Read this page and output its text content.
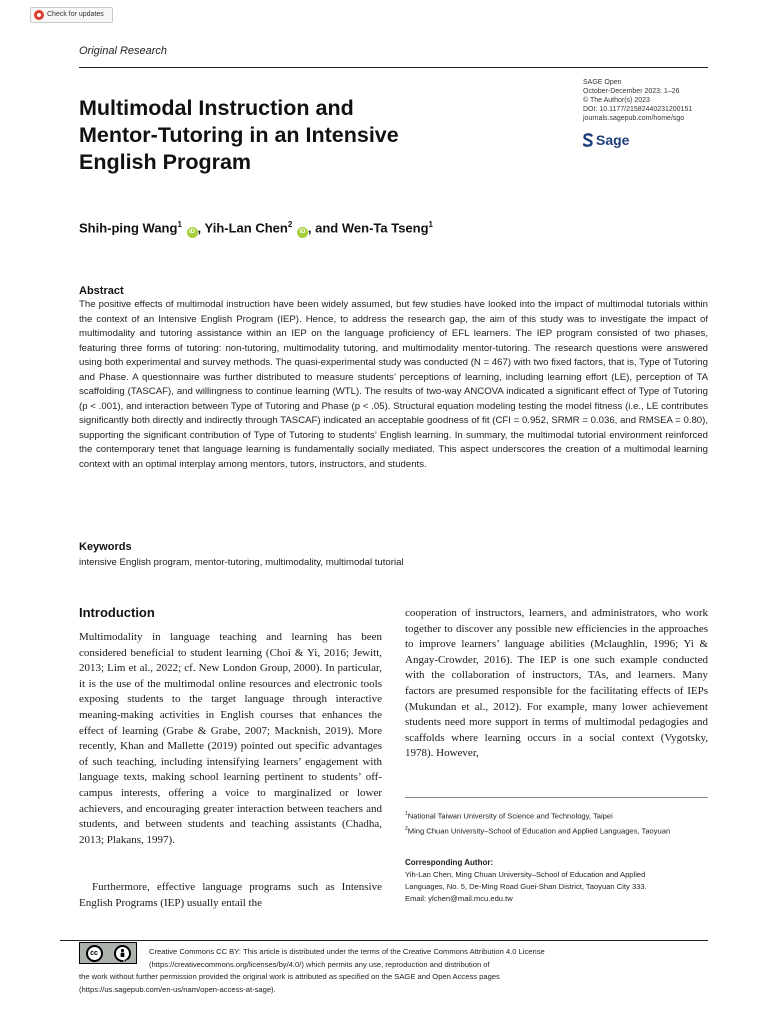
Check for updates
Original Research
Multimodal Instruction and
Mentor-Tutoring in an Intensive
English Program
SAGE Open
October-December 2023: 1–26
© The Author(s) 2023
DOI: 10.1177/21582440231200151
journals.sagepub.com/home/sgo
Sage
Shih-ping Wang$^1$ iD , Yih-Lan Chen$^2$ iD , and Wen-Ta Tseng$^1$
Abstract

The positive effects of multimodal instruction have been widely assumed, but few studies have looked into the impact of multimodal tutorials within the context of an Intensive English Program (IEP). Hence, to address the research gap, the aim of this study was to investigate the impact of multimodality and tutoring assistance within an IEP on the language proficiency of EFL learners. The IEP program consisted of two phases, featuring three forms of tutoring: non-tutoring, multimodality tutoring, and multimodality mentor-tutoring. The research questions were answered using both experimental and survey methods. The quasi-experimental study was conducted (N = 467) with two fixed factors, that is, Type of Tutoring and Phase. A questionnaire was further distributed to measure students’ perceptions of learning, including learning effort (LE), perception of TA scaffolding (TASCAF), and willingness to continue learning (WTL). The results of two-way ANCOVA indicated a significant effect of Type of Tutoring (p < .001), and interaction between Type of Tutoring and Phase (p < .05). Structural equation modeling testing the model fitness (i.e., LE contributes significantly both directly and indirectly through TASCAF) indicated an acceptable goodness of fit (CFI = 0.952, SRMR = 0.036, and RMSEA = 0.80), supporting the significant contribution of Type of Tutoring to students’ English learning. In summary, the multimodal tutorial environment reinforced the contemporary tenet that language learning is fundamentally socially mediated. This aspect underscores the creation of a multimodal learning context with an optimal interplay among mentors, tutors, instructors, and students.

Keywords
intensive English program, mentor-tutoring, multimodality, multimodal tutorial
Introduction

Multimodality in language teaching and learning has been considered beneficial to student learning (Choi & Yi, 2016; Jewitt, 2013; Lim et al., 2022; cf. New London Group, 2000). In particular, it is the use of the multimodal online resources and electronic tools exposing students to the target language through interactive meaning-making activities in English courses that enhances the effect of learning (Grabe & Grabe, 2007; Macknish, 2019). More recently, Khan and Mallette (2019) pointed out specific advantages of such teaching, including intensifying learners’ engagement with language texts, making school learning pertinent to students’ off-campus interests, offering a voice to marginalized or lower achievers, and encouraging greater interaction between teachers and students, and between students and teaching assistants (Chadha, 2013; Plakans, 1997).

Furthermore, effective language programs such as Intensive English Programs (IEP) usually entail the

cooperation of instructors, learners, and administrators, who work together to discover any possible new efficiencies in the approaches to improve learners’ language abilities (Mclaughlin, 1996; Yi & Angay-Crowder, 2016). The IEP is one such example conducted with the collaboration of instructors, TAs, and learners. Many factors are presumed responsible for the facilitating effects of IEPs (Mukundan et al., 2012). For example, many lower achievement students need more support in terms of multimodal pedagogies and scaffolds where learning occurs in a social context (Vygotsky, 1978). However,

$^1$National Taiwan University of Science and Technology, Taipei
$^2$Ming Chuan University–School of Education and Applied Languages, Taoyuan
Corresponding Author:
Yih-Lan Chen, Ming Chuan University–School of Education and Applied
Languages, No. 5, De-Ming Road Guei-Shan District, Taoyuan City 333.
Email: ylchen@mail.mcu.edu.tw
cc
BY
Creative Commons CC BY: This article is distributed under the terms of the Creative Commons Attribution 4.0 License
(https://creativecommons.org/licenses/by/4.0/) which permits any use, reproduction and distribution of
the work without further permission provided the original work is attributed as specified on the SAGE and Open Access pages
(https://us.sagepub.com/en-us/nam/open-access-at-sage).
